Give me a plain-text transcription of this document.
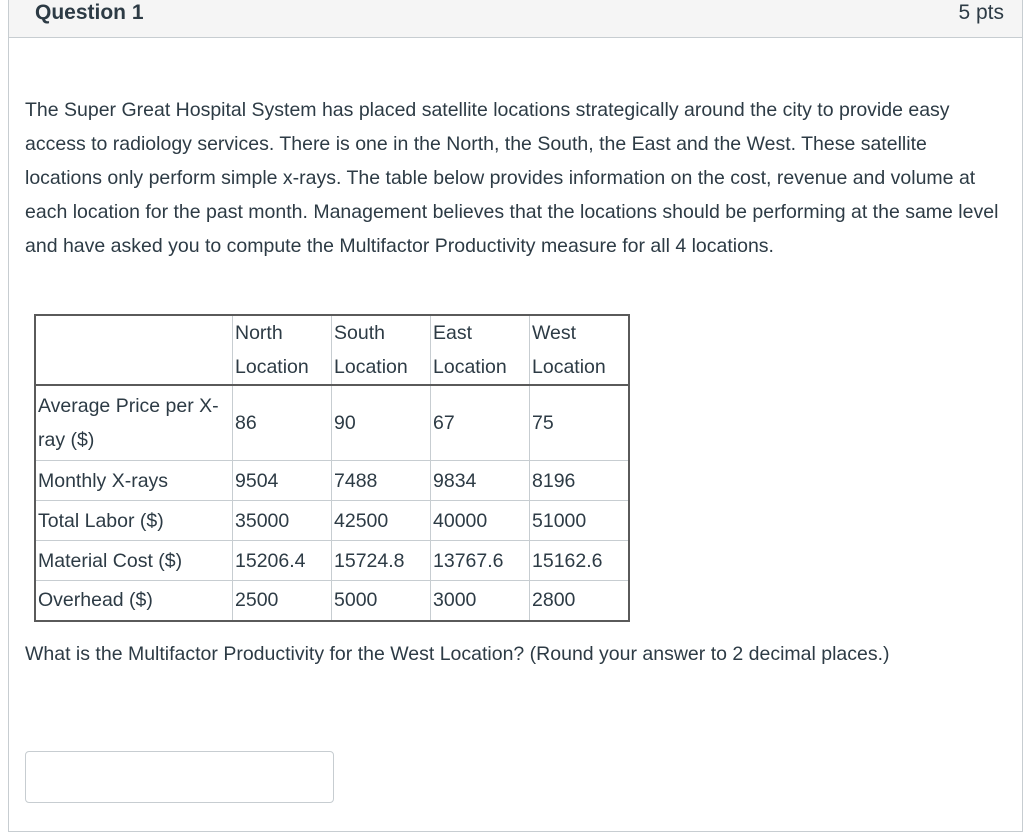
Question 1	5 pts

The Super Great Hospital System has placed satellite locations strategically around the city to provide easy access to radiology services. There is one in the North, the South, the East and the West. These satellite locations only perform simple x-rays. The table below provides information on the cost, revenue and volume at each location for the past month. Management believes that the locations should be performing at the same level and have asked you to compute the Multifactor Productivity measure for all 4 locations.

	North Location	South Location	East Location	West Location
Average Price per X-ray ($)	86	90	67	75
Monthly X-rays	9504	7488	9834	8196
Total Labor ($)	35000	42500	40000	51000
Material Cost ($)	15206.4	15724.8	13767.6	15162.6
Overhead ($)	2500	5000	3000	2800

What is the Multifactor Productivity for the West Location? (Round your answer to 2 decimal places.)
